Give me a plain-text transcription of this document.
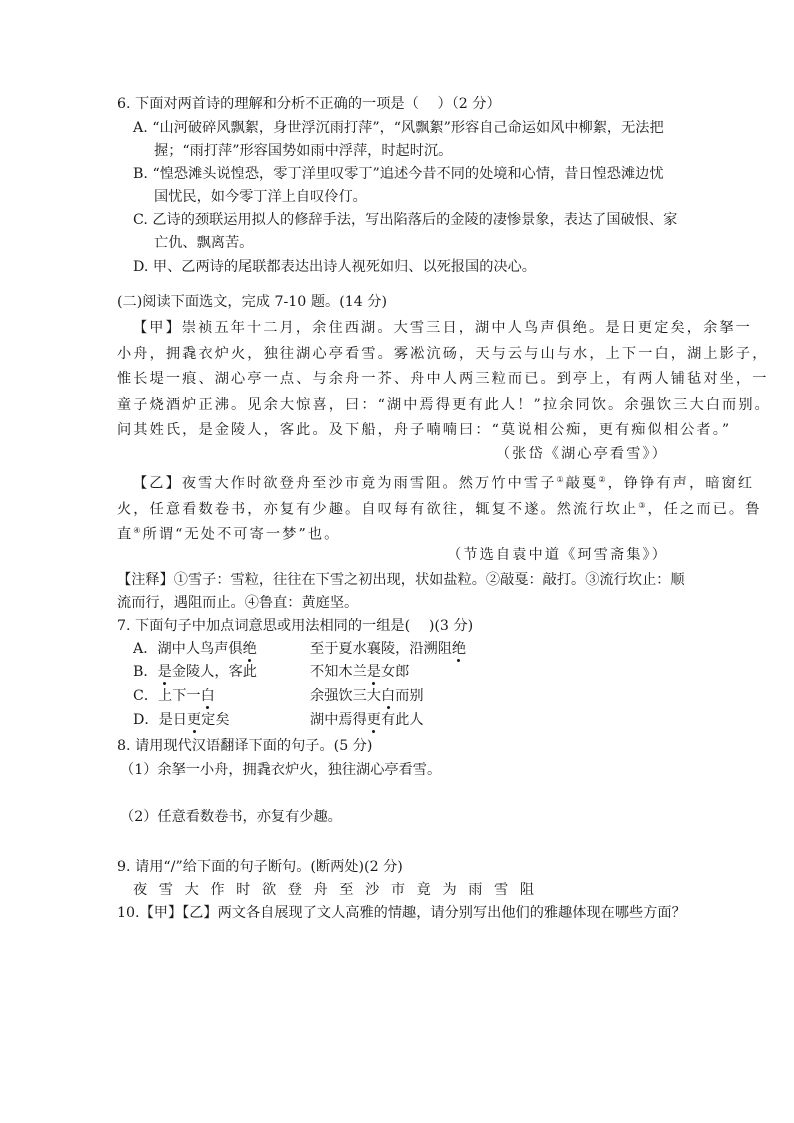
6. 下面对两首诗的理解和分析不正确的一项是（　 ）（2 分）
A. “山河破碎风飘絮，身世浮沉雨打萍”，“风飘絮”形容自己命运如风中柳絮，无法把
握；“雨打萍”形容国势如雨中浮萍，时起时沉。
B. “惶恐滩头说惶恐，零丁洋里叹零丁”追述今昔不同的处境和心情，昔日惶恐滩边忧
国忧民，如今零丁洋上自叹伶仃。
C. 乙诗的颈联运用拟人的修辞手法，写出陷落后的金陵的凄惨景象，表达了国破恨、家
亡仇、飘离苦。
D. 甲、乙两诗的尾联都表达出诗人视死如归、以死报国的决心。
(二)阅读下面选文，完成 7-10 题。(14 分)
【甲】崇祯五年十二月，余住西湖。大雪三日，湖中人鸟声俱绝。是日更定矣，余拏一
小舟，拥毳衣炉火，独往湖心亭看雪。雾凇沆砀，天与云与山与水，上下一白，湖上影子，
惟长堤一痕、湖心亭一点、与余舟一芥、舟中人两三粒而已。到亭上，有两人铺毡对坐，一
童子烧酒炉正沸。见余大惊喜，曰：“湖中焉得更有此人！”拉余同饮。余强饮三大白而别。
问其姓氏，是金陵人，客此。及下船，舟子喃喃曰：“莫说相公痴，更有痴似相公者。”
（张岱《湖心亭看雪》）
【乙】夜雪大作时欲登舟至沙市竟为雨雪阻。然万竹中雪子①敲戛②，铮铮有声，暗窗红
火，任意看数卷书，亦复有少趣。自叹每有欲往，辄复不遂。然流行坎止③，任之而已。鲁
直④所谓“无处不可寄一梦”也。
（节选自袁中道《珂雪斋集》）
【注释】①雪子：雪粒，往往在下雪之初出现，状如盐粒。②敲戛：敲打。③流行坎止：顺
流而行，遇阻而止。④鲁直：黄庭坚。
7. 下面句子中加点词意思或用法相同的一组是(　 )(3 分)
A．湖中人鸟声俱绝	至于夏水襄陵，沿溯阻绝
B．是金陵人，客此	不知木兰是女郎
C．上下一白	余强饮三大白而别
D．是日更定矣	湖中焉得更有此人
8. 请用现代汉语翻译下面的句子。(5 分)
（1）余拏一小舟，拥毳衣炉火，独往湖心亭看雪。
（2）任意看数卷书，亦复有少趣。
9. 请用“/”给下面的句子断句。(断两处)(2 分)
夜雪大作时欲登舟至沙市竟为雨雪阻
10.【甲】【乙】两文各自展现了文人高雅的情趣，请分别写出他们的雅趣体现在哪些方面？
